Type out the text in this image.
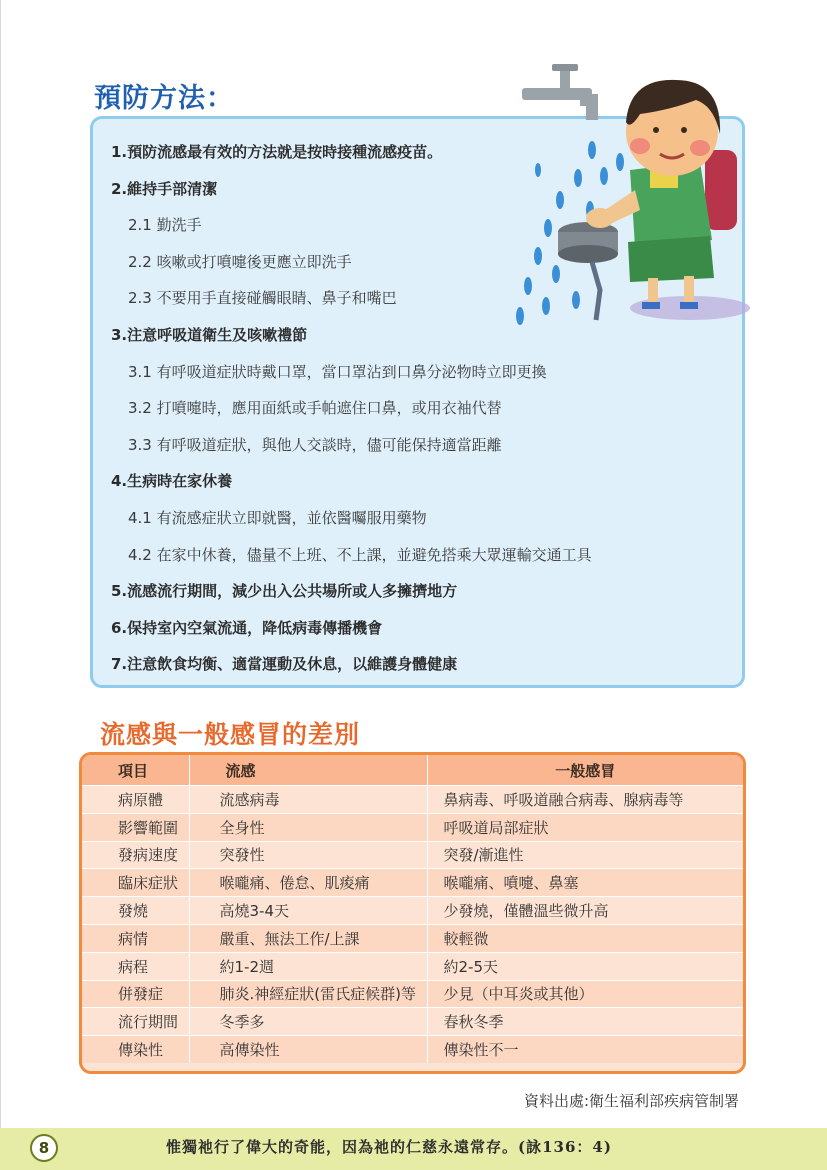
預防方法：
1.預防流感最有效的方法就是按時接種流感疫苗。
2.維持手部清潔
2.1 勤洗手
2.2 咳嗽或打噴嚏後更應立即洗手
2.3 不要用手直接碰觸眼睛、鼻子和嘴巴
3.注意呼吸道衛生及咳嗽禮節
3.1 有呼吸道症狀時戴口罩，當口罩沾到口鼻分泌物時立即更換
3.2 打噴嚏時，應用面紙或手帕遮住口鼻，或用衣袖代替
3.3 有呼吸道症狀，與他人交談時，儘可能保持適當距離
4.生病時在家休養
4.1 有流感症狀立即就醫，並依醫囑服用藥物
4.2 在家中休養，儘量不上班、不上課，並避免搭乘大眾運輸交通工具
5.流感流行期間，減少出入公共場所或人多擁擠地方
6.保持室內空氣流通，降低病毒傳播機會
7.注意飲食均衡、適當運動及休息，以維護身體健康
流感與一般感冒的差別
項目	流感	一般感冒
病原體	流感病毒	鼻病毒、呼吸道融合病毒、腺病毒等
影響範圍	全身性	呼吸道局部症狀
發病速度	突發性	突發/漸進性
臨床症狀	喉嚨痛、倦怠、肌痠痛	喉嚨痛、噴嚏、鼻塞
發燒	高燒3-4天	少發燒，僅體溫些微升高
病情	嚴重、無法工作/上課	較輕微
病程	約1-2週	約2-5天
併發症	肺炎.神經症狀(雷氏症候群)等	少見（中耳炎或其他）
流行期間	冬季多	春秋冬季
傳染性	高傳染性	傳染性不一
資料出處:衛生福利部疾病管制署
8	惟獨祂行了偉大的奇能，因為祂的仁慈永遠常存。(詠136：4)
